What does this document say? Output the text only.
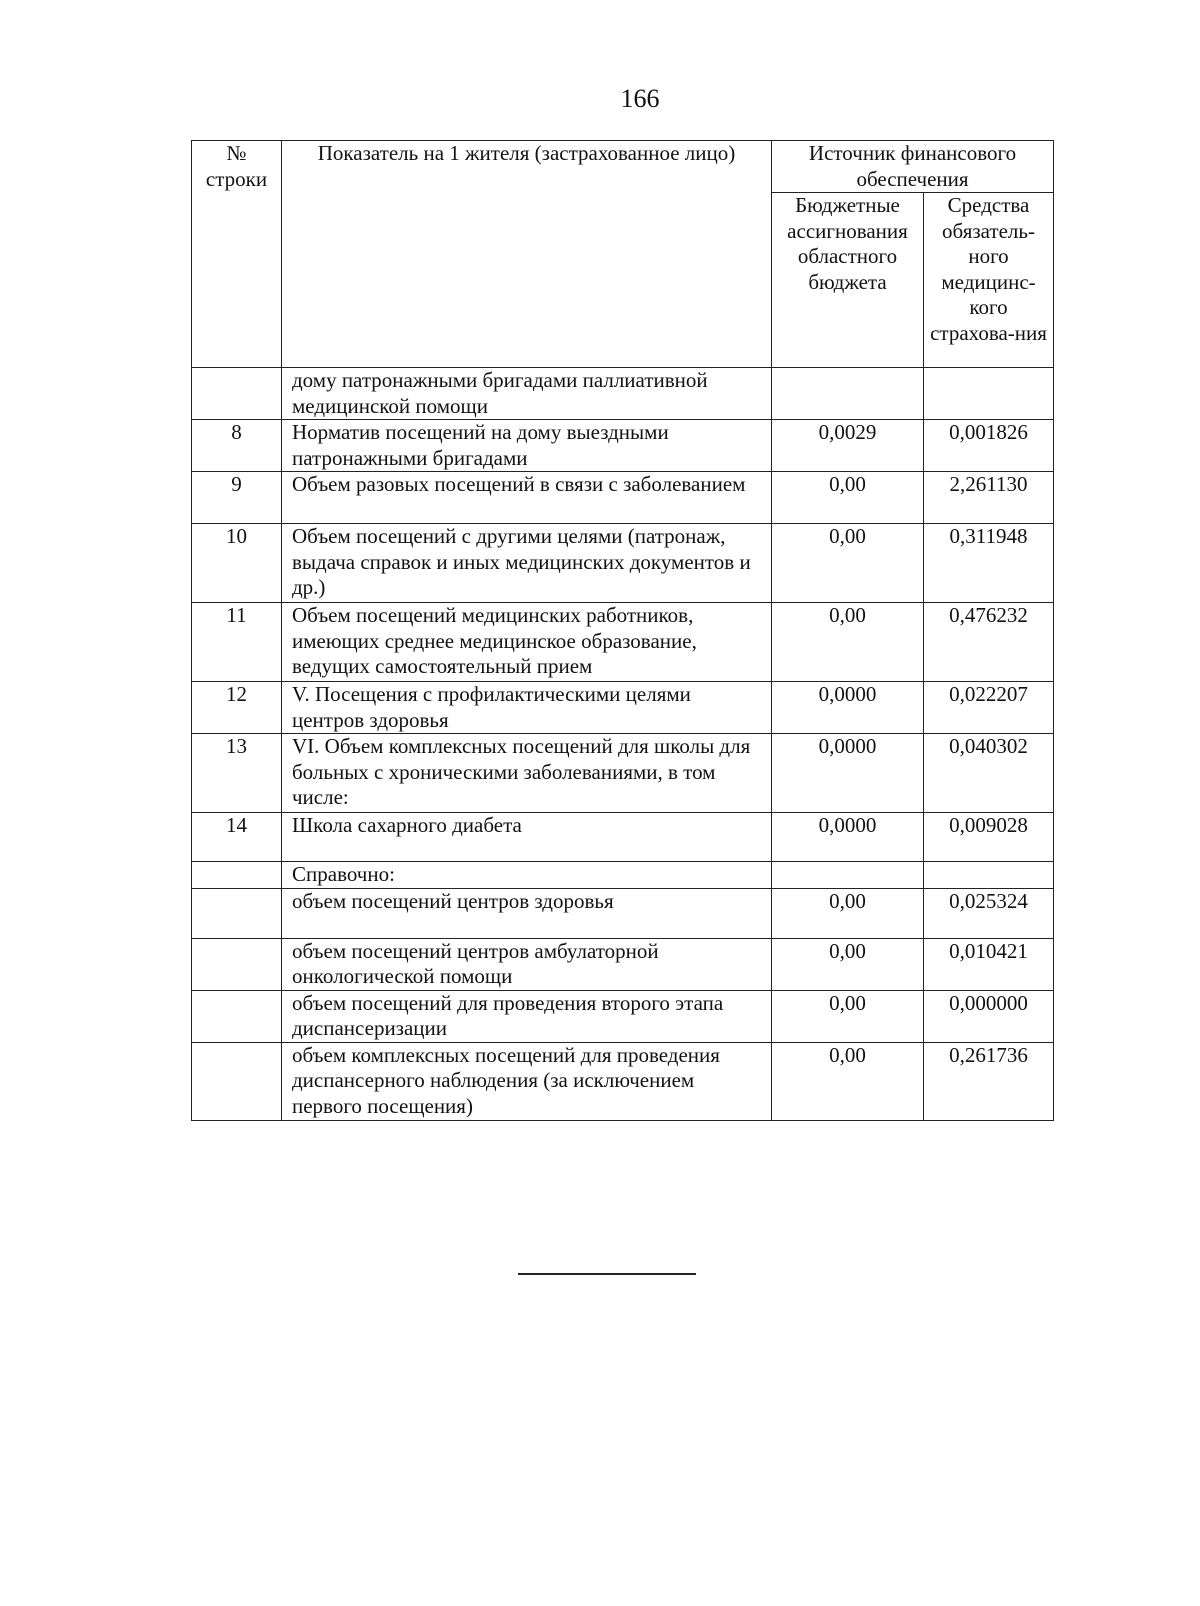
166
№ строки	Показатель на 1 жителя (застрахованное лицо)	Источник финансового обеспечения	
		Бюджетные ассигнования областного бюджета	Средства обязатель-ного медицинс-кого страхова-ния
	дому патронажными бригадами паллиативной медицинской помощи		
8	Норматив посещений на дому выездными патронажными бригадами	0,0029	0,001826
9	Объем разовых посещений в связи с заболеванием	0,00	2,261130
10	Объем посещений с другими целями (патронаж, выдача справок и иных медицинских документов и др.)	0,00	0,311948
11	Объем посещений медицинских работников, имеющих среднее медицинское образование, ведущих самостоятельный прием	0,00	0,476232
12	V. Посещения с профилактическими целями центров здоровья	0,0000	0,022207
13	VI. Объем комплексных посещений для школы для больных с хроническими заболеваниями, в том числе:	0,0000	0,040302
14	Школа сахарного диабета	0,0000	0,009028
	Справочно:		
	объем посещений центров здоровья	0,00	0,025324
	объем посещений центров амбулаторной онкологической помощи	0,00	0,010421
	объем посещений для проведения второго этапа диспансеризации	0,00	0,000000
	объем комплексных посещений для проведения диспансерного наблюдения (за исключением первого посещения)	0,00	0,261736
